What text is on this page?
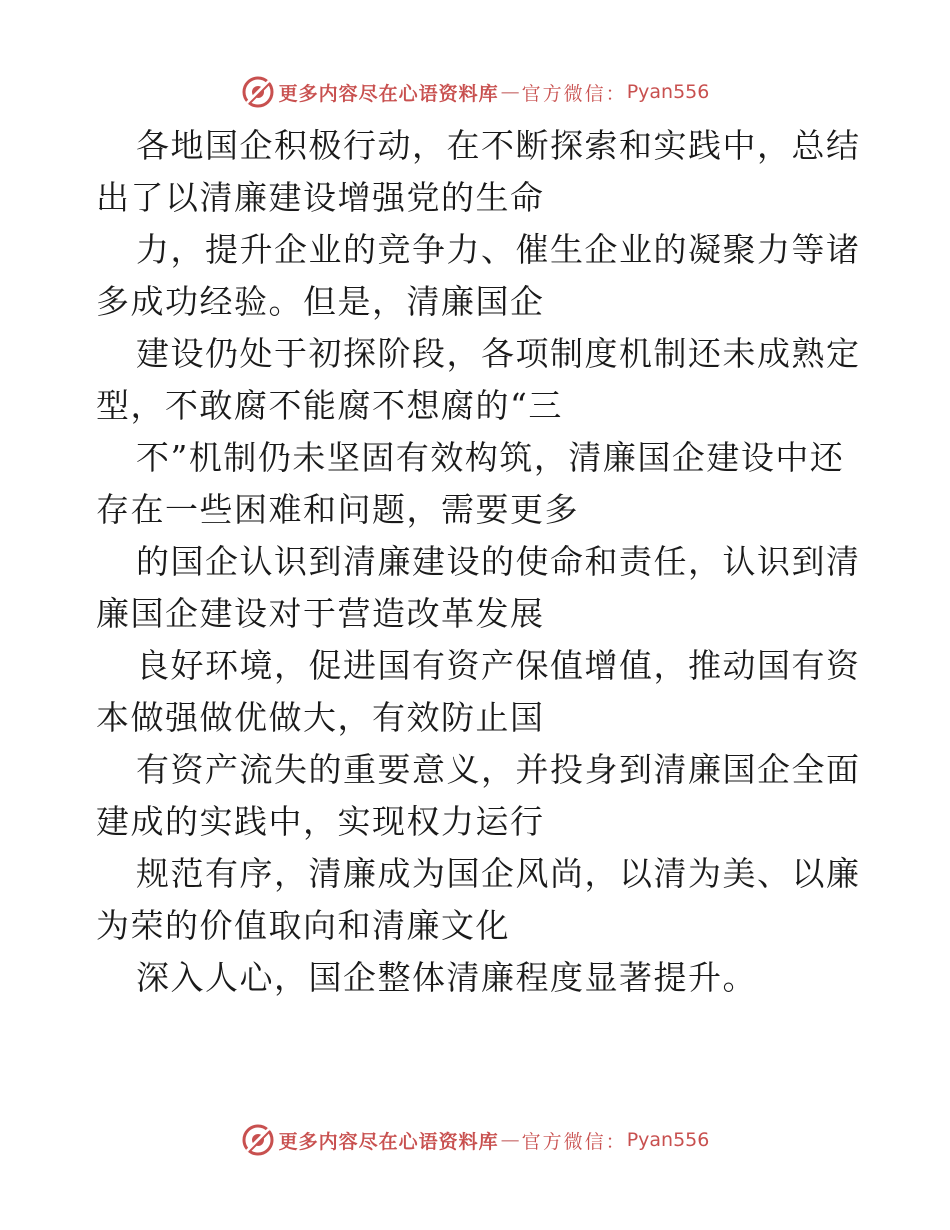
更多内容尽在心语资料库 — 官方微信： Pyan556

各地国企积极行动，在不断探索和实践中，总结
出了以清廉建设增强党的生命

力，提升企业的竞争力、催生企业的凝聚力等诸
多成功经验。但是，清廉国企

建设仍处于初探阶段，各项制度机制还未成熟定
型，不敢腐不能腐不想腐的“三

不”机制仍未坚固有效构筑，清廉国企建设中还
存在一些困难和问题，需要更多

的国企认识到清廉建设的使命和责任，认识到清
廉国企建设对于营造改革发展

良好环境，促进国有资产保值增值，推动国有资
本做强做优做大，有效防止国

有资产流失的重要意义，并投身到清廉国企全面
建成的实践中，实现权力运行

规范有序，清廉成为国企风尚，以清为美、以廉
为荣的价值取向和清廉文化

深入人心，国企整体清廉程度显著提升。

更多内容尽在心语资料库 — 官方微信： Pyan556
